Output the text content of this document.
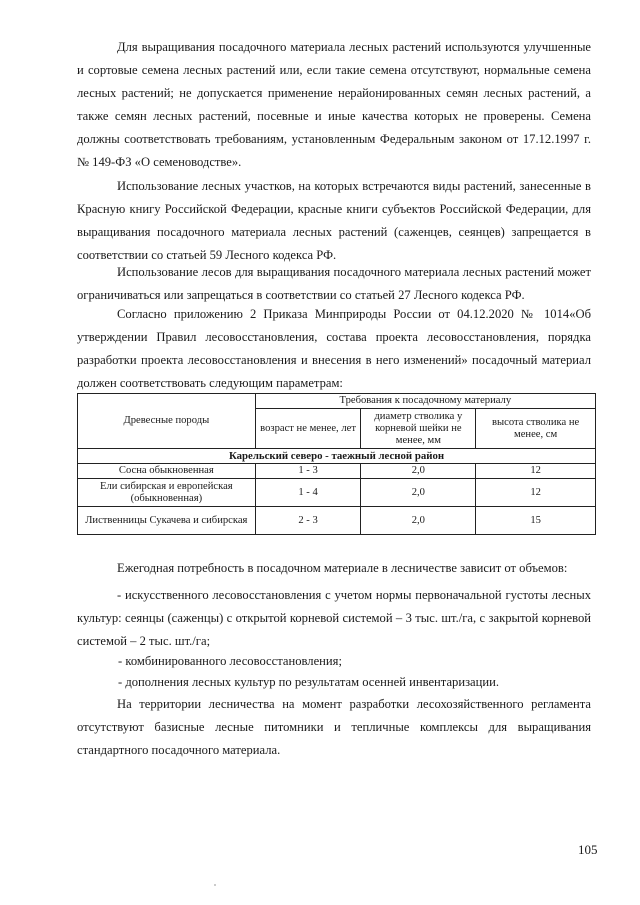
Для выращивания посадочного материала лесных растений используются улучшенные и сортовые семена лесных растений или, если такие семена отсутствуют, нормальные семена лесных растений; не допускается применение нерайонированных семян лесных растений, а также семян лесных растений, посевные и иные качества которых не проверены. Семена должны соответствовать требованиям, установленным Федеральным законом от 17.12.1997 г. № 149-ФЗ «О семеноводстве».

Использование лесных участков, на которых встречаются виды растений, занесенные в Красную книгу Российской Федерации, красные книги субъектов Российской Федерации, для выращивания посадочного материала лесных растений (саженцев, сеянцев) запрещается в соответствии со статьей 59 Лесного кодекса РФ.

Использование лесов для выращивания посадочного материала лесных растений может ограничиваться или запрещаться в соответствии со статьей 27 Лесного кодекса РФ.

Согласно приложению 2 Приказа Минприроды России от 04.12.2020 № 1014«Об утверждении Правил лесовосстановления, состава проекта лесовосстановления, порядка разработки проекта лесовосстановления и внесения в него изменений» посадочный материал должен соответствовать следующим параметрам:

Древесные породы	Требования к посадочному материалу		
	возраст не менее, лет	диаметр стволика у корневой шейки не менее, мм	высота стволика не менее, см
Карельский северо - таежный лесной район			
Сосна обыкновенная	1 - 3	2,0	12
Ели сибирская и европейская (обыкновенная)	1 - 4	2,0	12
Лиственницы Сукачева и сибирская	2 - 3	2,0	15

Ежегодная потребность в посадочном материале в лесничестве зависит от объемов:

- искусственного лесовосстановления с учетом нормы первоначальной густоты лесных культур: сеянцы (саженцы) с открытой корневой системой – 3 тыс. шт./га, с закрытой корневой системой – 2 тыс. шт./га;

- комбинированного лесовосстановления;

- дополнения лесных культур по результатам осенней инвентаризации.

На территории лесничества на момент разработки лесохозяйственного регламента отсутствуют базисные лесные питомники и тепличные комплексы для выращивания стандартного посадочного материала.

105
